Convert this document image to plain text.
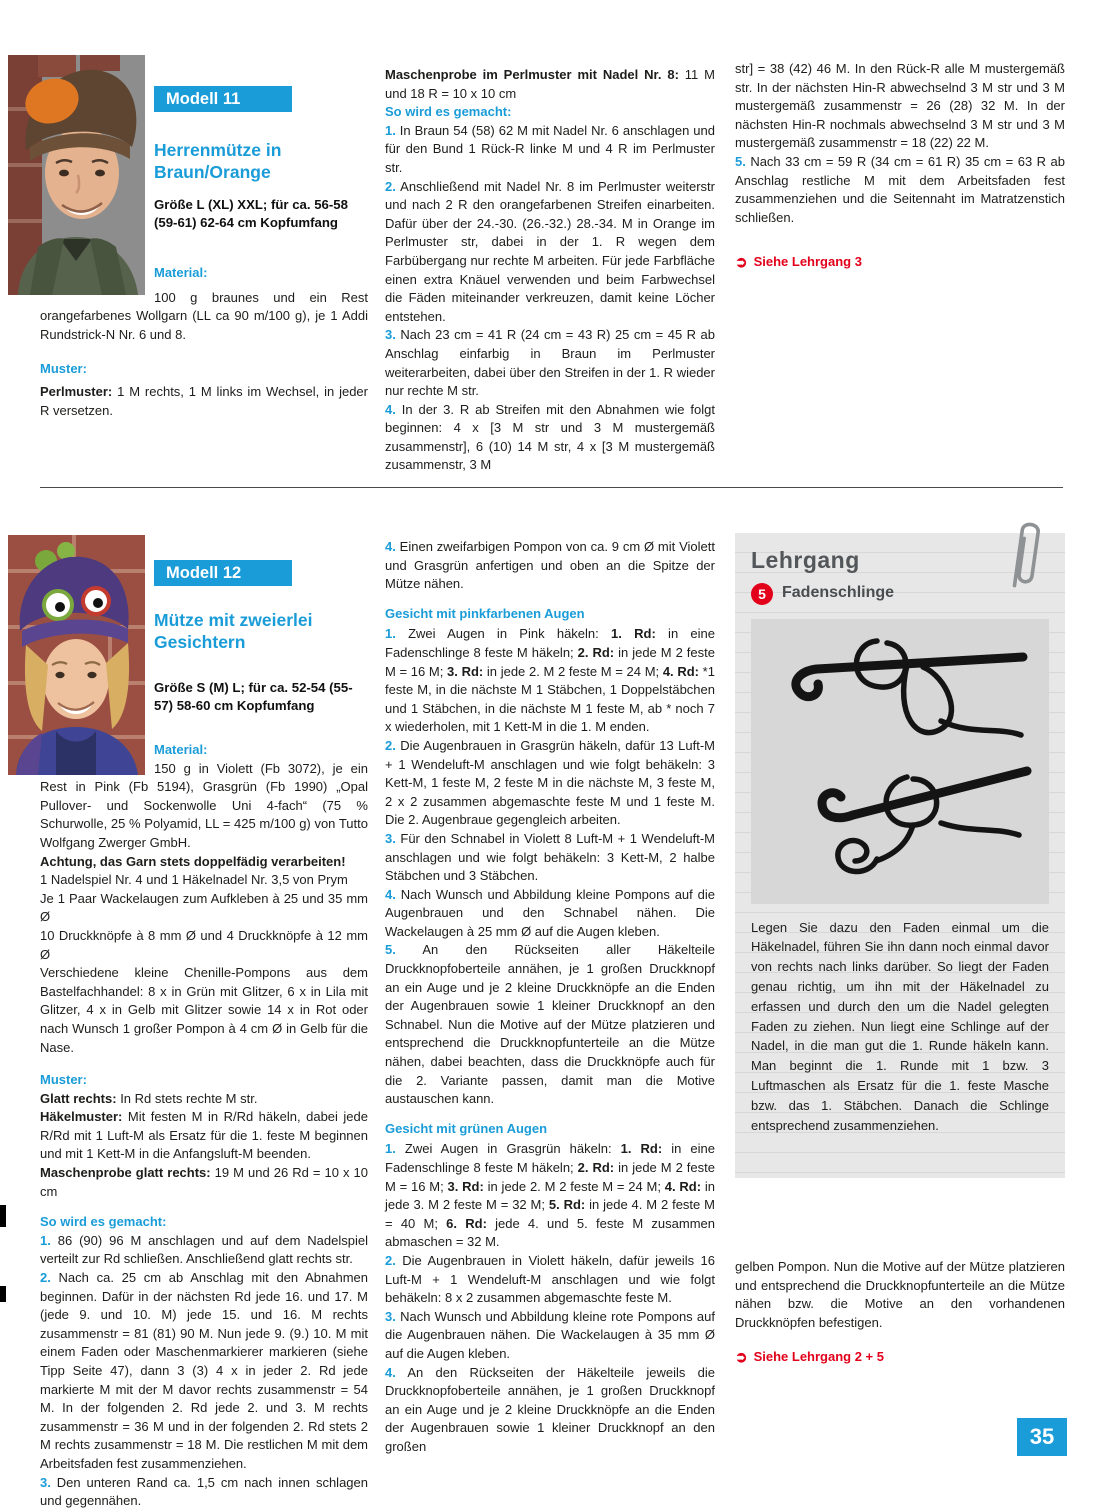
Modell 11
Herrenmütze in Braun/Orange
Größe L (XL) XXL; für ca. 56-58 (59-61) 62-64 cm Kopfumfang
Material:

100 g braunes und ein Rest orangefarbenes Wollgarn (LL ca 90 m/100 g), je 1 Addi Rundstrick-N Nr. 6 und 8.

Muster:

Perlmuster: 1 M rechts, 1 M links im Wechsel, in jeder R versetzen.

Maschenprobe im Perlmuster mit Nadel Nr. 8: 11 M und 18 R = 10 x 10 cm

So wird es gemacht:

1. In Braun 54 (58) 62 M mit Nadel Nr. 6 anschlagen und für den Bund 1 Rück-R linke M und 4 R im Perlmuster str.

2. Anschließend mit Nadel Nr. 8 im Perlmuster weiterstr und nach 2 R den orangefarbenen Streifen einarbeiten. Dafür über der 24.-30. (26.-32.) 28.-34. M in Orange im Perlmuster str, dabei in der 1. R wegen dem Farbübergang nur rechte M arbeiten. Für jede Farbfläche einen extra Knäuel verwenden und beim Farbwechsel die Fäden miteinander verkreuzen, damit keine Löcher entstehen.

3. Nach 23 cm = 41 R (24 cm = 43 R) 25 cm = 45 R ab Anschlag einfarbig in Braun im Perlmuster weiterarbeiten, dabei über den Streifen in der 1. R wieder nur rechte M str.

4. In der 3. R ab Streifen mit den Abnahmen wie folgt beginnen: 4 x [3 M str und 3 M mustergemäß zusammenstr], 6 (10) 14 M str, 4 x [3 M mustergemäß zusammenstr, 3 M

str] = 38 (42) 46 M. In den Rück-R alle M mustergemäß str. In der nächsten Hin-R abwechselnd 3 M str und 3 M mustergemäß zusammenstr = 26 (28) 32 M. In der nächsten Hin-R nochmals abwechselnd 3 M str und 3 M mustergemäß zusammenstr = 18 (22) 22 M.

5. Nach 33 cm = 59 R (34 cm = 61 R) 35 cm = 63 R ab Anschlag restliche M mit dem Arbeitsfaden fest zusammenziehen und die Seitennaht im Matratzenstich schließen.

➲ Siehe Lehrgang 3
Modell 12
Mütze mit zweierlei Gesichtern
Größe S (M) L; für ca. 52-54 (55-57) 58-60 cm Kopfumfang
Material:

150 g in Violett (Fb 3072), je ein Rest in Pink (Fb 5194), Grasgrün (Fb 1990) „Opal Pullover- und Sockenwolle Uni 4-fach“ (75 % Schurwolle, 25 % Polyamid, LL = 425 m/100 g) von Tutto Wolfgang Zwerger GmbH.

Achtung, das Garn stets doppelfädig verarbeiten!

1 Nadelspiel Nr. 4 und 1 Häkelnadel Nr. 3,5 von Prym

Je 1 Paar Wackelaugen zum Aufkleben à 25 und 35 mm Ø

10 Druckknöpfe à 8 mm Ø und 4 Druckknöpfe à 12 mm Ø

Verschiedene kleine Chenille-Pompons aus dem Bastelfachhandel: 8 x in Grün mit Glitzer, 6 x in Lila mit Glitzer, 4 x in Gelb mit Glitzer sowie 14 x in Rot oder nach Wunsch 1 großer Pompon à 4 cm Ø in Gelb für die Nase.

Muster:

Glatt rechts: In Rd stets rechte M str.

Häkelmuster: Mit festen M in R/Rd häkeln, dabei jede R/Rd mit 1 Luft-M als Ersatz für die 1. feste M beginnen und mit 1 Kett-M in die Anfangsluft-M beenden.

Maschenprobe glatt rechts: 19 M und 26 Rd = 10 x 10 cm

So wird es gemacht:

1. 86 (90) 96 M anschlagen und auf dem Nadelspiel verteilt zur Rd schließen. Anschließend glatt rechts str.

2. Nach ca. 25 cm ab Anschlag mit den Abnahmen beginnen. Dafür in der nächsten Rd jede 16. und 17. M (jede 9. und 10. M) jede 15. und 16. M rechts zusammenstr = 81 (81) 90 M. Nun jede 9. (9.) 10. M mit einem Faden oder Maschenmarkierer markieren (siehe Tipp Seite 47), dann 3 (3) 4 x in jeder 2. Rd jede markierte M mit der M davor rechts zusammenstr = 54 M. In der folgenden 2. Rd jede 2. und 3. M rechts zusammenstr = 36 M und in der folgenden 2. Rd stets 2 M rechts zusammenstr = 18 M. Die restlichen M mit dem Arbeitsfaden fest zusammenziehen.

3. Den unteren Rand ca. 1,5 cm nach innen schlagen und gegennähen.

4. Einen zweifarbigen Pompon von ca. 9 cm Ø mit Violett und Grasgrün anfertigen und oben an die Spitze der Mütze nähen.

Gesicht mit pinkfarbenen Augen

1. Zwei Augen in Pink häkeln: 1. Rd: in eine Fadenschlinge 8 feste M häkeln; 2. Rd: in jede M 2 feste M = 16 M; 3. Rd: in jede 2. M 2 feste M = 24 M; 4. Rd: *1 feste M, in die nächste M 1 Stäbchen, 1 Doppelstäbchen und 1 Stäbchen, in die nächste M 1 feste M, ab * noch 7 x wiederholen, mit 1 Kett-M in die 1. M enden.

2. Die Augenbrauen in Grasgrün häkeln, dafür 13 Luft-M + 1 Wendeluft-M anschlagen und wie folgt behäkeln: 3 Kett-M, 1 feste M, 2 feste M in die nächste M, 3 feste M, 2 x 2 zusammen abgemaschte feste M und 1 feste M. Die 2. Augenbraue gegengleich arbeiten.

3. Für den Schnabel in Violett 8 Luft-M + 1 Wendeluft-M anschlagen und wie folgt behäkeln: 3 Kett-M, 2 halbe Stäbchen und 3 Stäbchen.

4. Nach Wunsch und Abbildung kleine Pompons auf die Augenbrauen und den Schnabel nähen. Die Wackelaugen à 25 mm Ø auf die Augen kleben.

5. An den Rückseiten aller Häkelteile Druckknopfoberteile annähen, je 1 großen Druckknopf an ein Auge und je 2 kleine Druckknöpfe an die Enden der Augenbrauen sowie 1 kleiner Druckknopf an den Schnabel. Nun die Motive auf der Mütze platzieren und entsprechend die Druckknopfunterteile an die Mütze nähen, dabei beachten, dass die Druckknöpfe auch für die 2. Variante passen, damit man die Motive austauschen kann.

Gesicht mit grünen Augen

1. Zwei Augen in Grasgrün häkeln: 1. Rd: in eine Fadenschlinge 8 feste M häkeln; 2. Rd: in jede M 2 feste M = 16 M; 3. Rd: in jede 2. M 2 feste M = 24 M; 4. Rd: in jede 3. M 2 feste M = 32 M; 5. Rd: in jede 4. M 2 feste M = 40 M; 6. Rd: jede 4. und 5. feste M zusammen abmaschen = 32 M.

2. Die Augenbrauen in Violett häkeln, dafür jeweils 16 Luft-M + 1 Wendeluft-M anschlagen und wie folgt behäkeln: 8 x 2 zusammen abgemaschte feste M.

3. Nach Wunsch und Abbildung kleine rote Pompons auf die Augenbrauen nähen. Die Wackelaugen à 35 mm Ø auf die Augen kleben.

4. An den Rückseiten der Häkelteile jeweils die Druckknopfoberteile annähen, je 1 großen Druckknopf an ein Auge und je 2 kleine Druckknöpfe an die Enden der Augenbrauen sowie 1 kleiner Druckknopf an den großen

Lehrgang
5	Fadenschlinge

Legen Sie dazu den Faden einmal um die Häkelnadel, führen Sie ihn dann noch einmal davor von rechts nach links darüber. So liegt der Faden genau richtig, um ihn mit der Häkelnadel zu erfassen und durch den um die Nadel gelegten Faden zu ziehen. Nun liegt eine Schlinge auf der Nadel, in die man gut die 1. Runde häkeln kann. Man beginnt die 1. Runde mit 1 bzw. 3 Luftmaschen als Ersatz für die 1. feste Masche bzw. das 1. Stäbchen. Danach die Schlinge entsprechend zusammenziehen.

gelben Pompon. Nun die Motive auf der Mütze platzieren und entsprechend die Druckknopfunterteile an die Mütze nähen bzw. die Motive an den vorhandenen Druckknöpfen befestigen.

➲ Siehe Lehrgang 2 + 5
35
